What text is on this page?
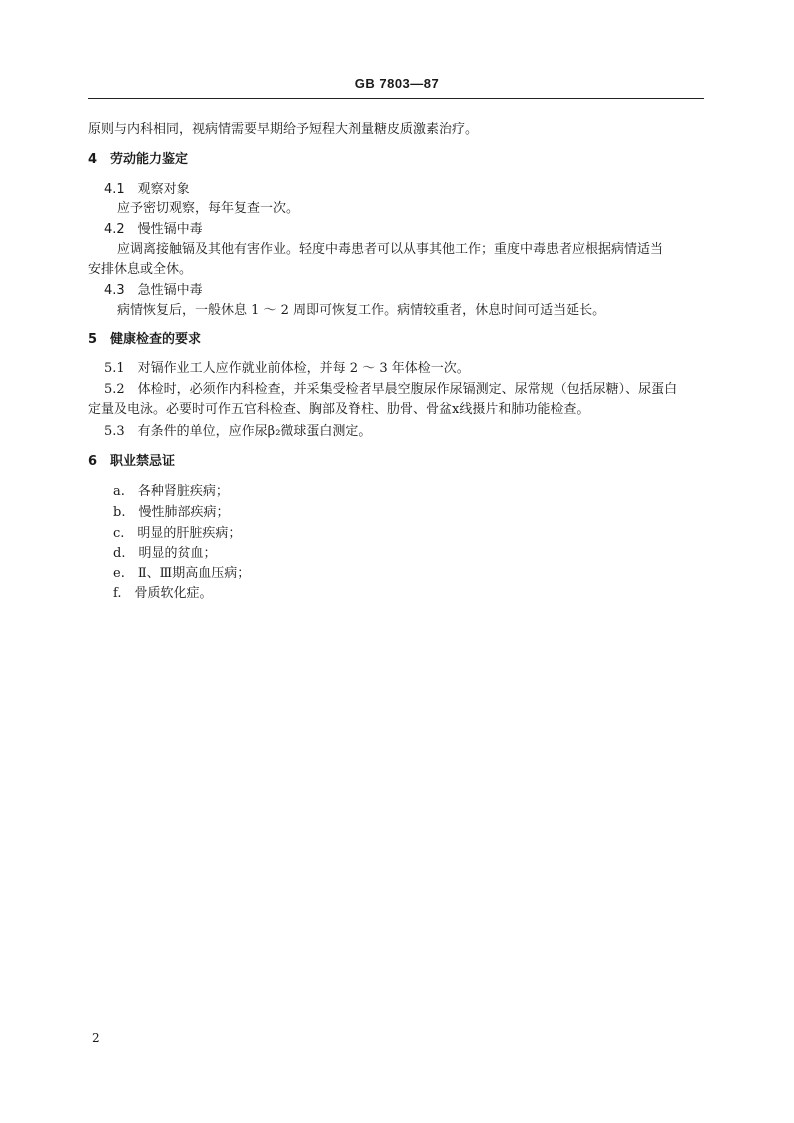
GB 7803—87
原则与内科相同，视病情需要早期给予短程大剂量糖皮质激素治疗。
4　劳动能力鉴定
4.1　观察对象
应予密切观察，每年复查一次。
4.2　慢性镉中毒
应调离接触镉及其他有害作业。轻度中毒患者可以从事其他工作；重度中毒患者应根据病情适当
安排休息或全休。
4.3　急性镉中毒
病情恢复后，一般休息 1 ～ 2 周即可恢复工作。病情较重者，休息时间可适当延长。
5　健康检查的要求
5.1　对镉作业工人应作就业前体检，并每 2 ～ 3 年体检一次。
5.2　体检时，必须作内科检查，并采集受检者早晨空腹尿作尿镉测定、尿常规（包括尿糖）、尿蛋白
定量及电泳。必要时可作五官科检查、胸部及脊柱、肋骨、骨盆x线摄片和肺功能检查。
5.3　有条件的单位，应作尿β₂微球蛋白测定。
6　职业禁忌证
a.　各种肾脏疾病；
b.　慢性肺部疾病；
c.　明显的肝脏疾病；
d.　明显的贫血；
e.　Ⅱ、Ⅲ期高血压病；
f.　骨质软化症。
2
